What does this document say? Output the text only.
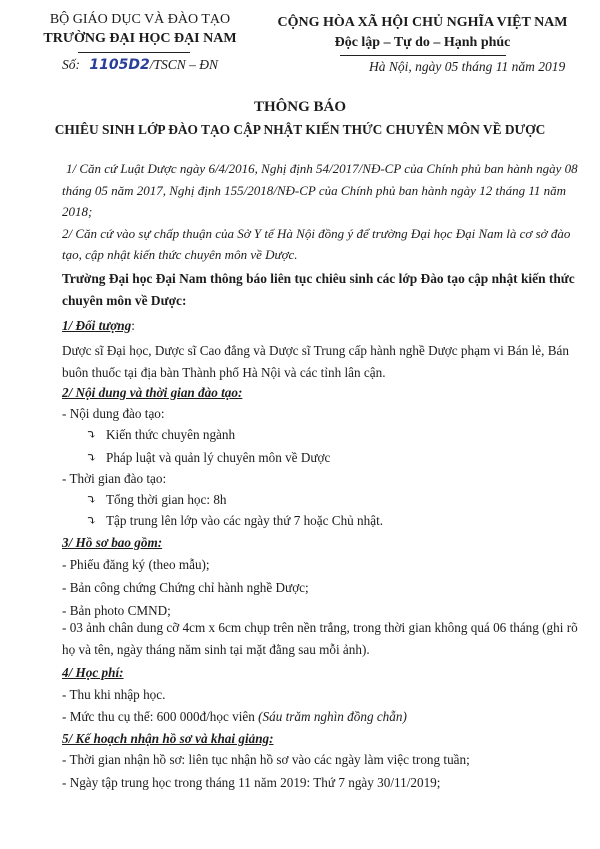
BỘ GIÁO DỤC VÀ ĐÀO TẠO
TRƯỜNG ĐẠI HỌC ĐẠI NAM
Số: 1105D2/TSCN – ĐN
CỘNG HÒA XÃ HỘI CHỦ NGHĨA VIỆT NAM
Độc lập – Tự do – Hạnh phúc
Hà Nội, ngày 05 tháng 11 năm 2019
THÔNG BÁO
CHIÊU SINH LỚP ĐÀO TẠO CẬP NHẬT KIẾN THỨC CHUYÊN MÔN VỀ DƯỢC
1/ Căn cứ Luật Dược ngày 6/4/2016, Nghị định 54/2017/NĐ-CP của Chính phủ ban hành ngày 08 tháng 05 năm 2017, Nghị định 155/2018/NĐ-CP của Chính phủ ban hành ngày 12 tháng 11 năm 2018;
2/ Căn cứ vào sự chấp thuận của Sở Y tế Hà Nội đồng ý để trường Đại học Đại Nam là cơ sở đào tạo, cập nhật kiến thức chuyên môn về Dược.
Trường Đại học Đại Nam thông báo liên tục chiêu sinh các lớp Đào tạo cập nhật kiến thức chuyên môn về Dược:
1/ Đối tượng:
Dược sĩ Đại học, Dược sĩ Cao đẳng và Dược sĩ Trung cấp hành nghề Dược phạm vi Bán lẻ, Bán buôn thuốc tại địa bàn Thành phố Hà Nội và các tỉnh lân cận.
2/ Nội dung và thời gian đào tạo:
- Nội dung đào tạo:
⤵ Kiến thức chuyên ngành
⤵ Pháp luật và quản lý chuyên môn về Dược
- Thời gian đào tạo:
⤵ Tổng thời gian học: 8h
⤵ Tập trung lên lớp vào các ngày thứ 7 hoặc Chủ nhật.
3/ Hồ sơ bao gồm:
- Phiếu đăng ký (theo mẫu);
- Bản công chứng Chứng chỉ hành nghề Dược;
- Bản photo CMND;
- 03 ảnh chân dung cỡ 4cm x 6cm chụp trên nền trắng, trong thời gian không quá 06 tháng (ghi rõ họ và tên, ngày tháng năm sinh tại mặt đằng sau mỗi ảnh).
4/ Học phí:
- Thu khi nhập học.
- Mức thu cụ thể: 600 000đ/học viên (Sáu trăm nghìn đồng chẵn)
5/ Kế hoạch nhận hồ sơ và khai giảng:
- Thời gian nhận hồ sơ: liên tục nhận hồ sơ vào các ngày làm việc trong tuần;
- Ngày tập trung học trong tháng 11 năm 2019: Thứ 7 ngày 30/11/2019;
